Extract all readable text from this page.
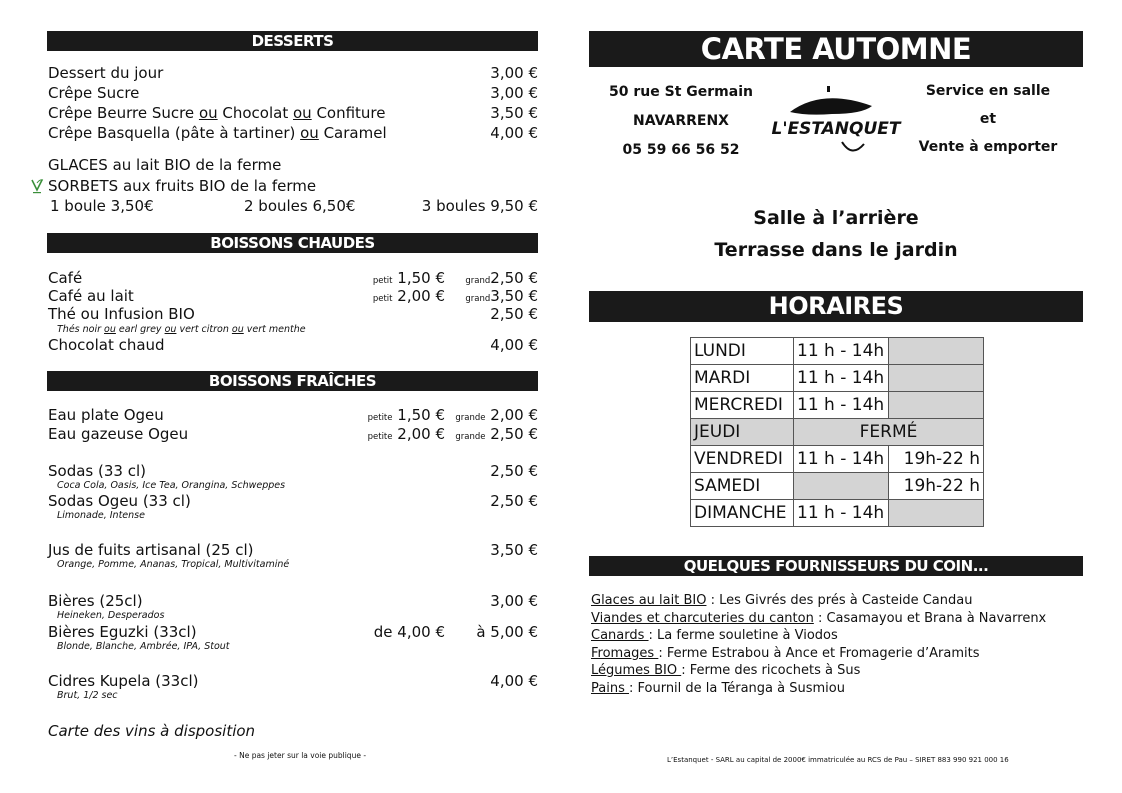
DESSERTS
Dessert du jour	3,00 €
Crêpe Sucre	3,00 €
Crêpe Beurre Sucre ou Chocolat ou Confiture	3,50 €
Crêpe Basquella (pâte à tartiner) ou Caramel	4,00 €
GLACES au lait BIO de la ferme
SORBETS aux fruits BIO de la ferme
1 boule 3,50€	2 boules 6,50€	3 boules 9,50 €
BOISSONS CHAUDES
Café	petit 1,50 € grand2,50 €
Café au lait	petit 2,00 € grand3,50 €
Thé ou Infusion BIO	2,50 €
Thés noir ou earl grey ou vert citron ou vert menthe
Chocolat chaud	4,00 €
BOISSONS FRAÎCHES
Eau plate Ogeu	petite 1,50 € grande 2,00 €
Eau gazeuse Ogeu	petite 2,00 € grande 2,50 €
Sodas (33 cl)	2,50 €
Coca Cola, Oasis, Ice Tea, Orangina, Schweppes
Sodas Ogeu (33 cl)	2,50 €
Limonade, Intense
Jus de fuits artisanal (25 cl)	3,50 €
Orange, Pomme, Ananas, Tropical, Multivitaminé
Bières (25cl)	3,00 €
Heineken, Desperados
Bières Eguzki (33cl)	de 4,00 € à 5,00 €
Blonde, Blanche, Ambrée, IPA, Stout
Cidres Kupela (33cl)	4,00 €
Brut, 1/2 sec
Carte des vins à disposition
- Ne pas jeter sur la voie publique -
CARTE AUTOMNE
50 rue St Germain
NAVARRENX
05 59 66 56 52
L'ESTANQUET
Service en salle
et
Vente à emporter
Salle à l’arrière
Terrasse dans le jardin
HORAIRES
LUNDI	11 h - 14h	
MARDI	11 h - 14h	
MERCREDI	11 h - 14h	
JEUDI	FERMÉ	
VENDREDI	11 h - 14h	19h-22 h
SAMEDI		19h-22 h
DIMANCHE	11 h - 14h	
QUELQUES FOURNISSEURS DU COIN...
Glaces au lait BIO : Les Givrés des prés à Casteide Candau
Viandes et charcuteries du canton : Casamayou et Brana à Navarrenx
Canards : La ferme souletine à Viodos
Fromages : Ferme Estrabou à Ance et Fromagerie d’Aramits
Légumes BIO : Ferme des ricochets à Sus
Pains : Fournil de la Téranga à Susmiou
L’Estanquet - SARL au capital de 2000€ immatriculée au RCS de Pau – SIRET 883 990 921 000 16
